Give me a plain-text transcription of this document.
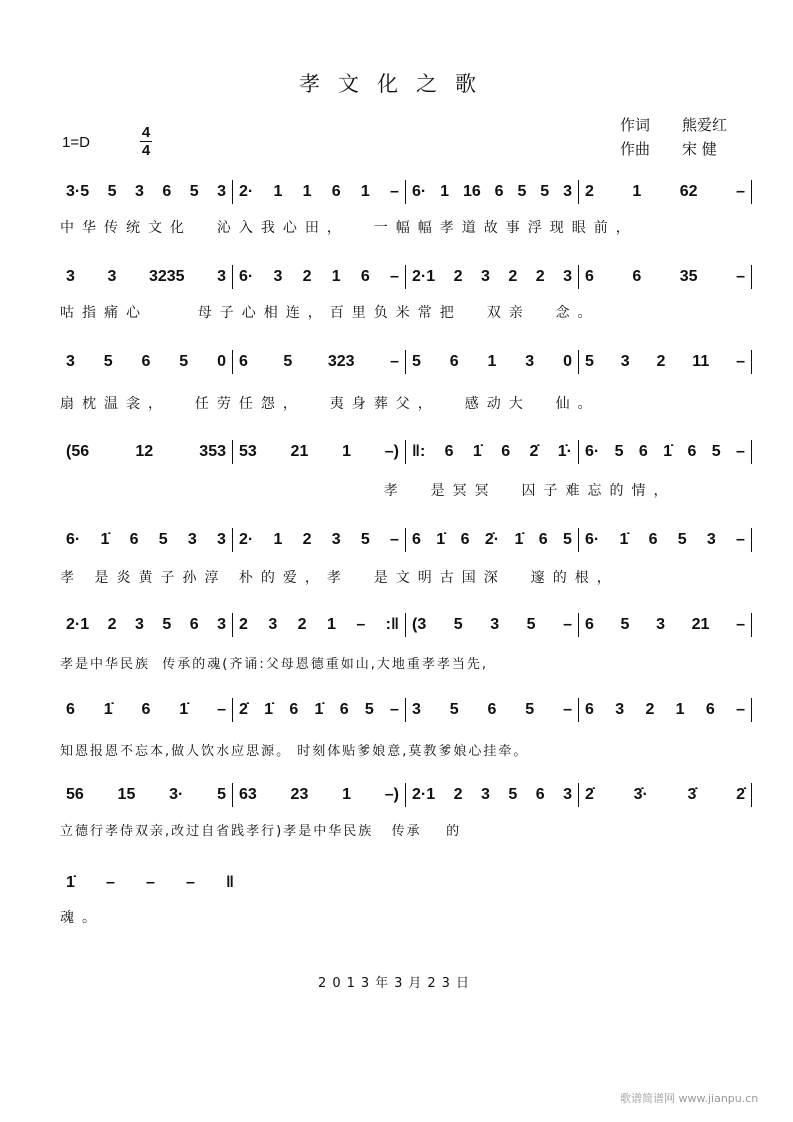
孝文化之歌
作词 熊爱红
作曲 宋 健
1=D
4
4
3·5 5 3 6 5 3 2· 1 1 6 1 – 6· 1 16 6 5 5 3 2 1 62 –
中华传统文化  沁入我心田，  一幅幅孝道故事浮现眼前，
3 3 3235 3 6· 3 2 1 6 – 2·1 2 3 2 2 3 6 6 35 –
咕指痛心    母子心相连，百里负米常把  双亲  念。
3 5 6 5 0 6 5 323 – 5 6 1 3 0 5 3 2 11 –
扇枕温衾，  任劳任怨，  夷身葬父，  感动大  仙。
(56	12	353 53 21 1 –) ‖: 6 1̇ 6 2̇ 1̇· 6· 5 6 1̇ 6 5 –
孝  是冥冥  囚子难忘的情，
6· 1̇ 6 5 3 3 2· 1 2 3 5 – 6 1̇ 6 2̇· 1̇ 6 5 6· 1̇ 6 5 3 –
孝 是炎黄子孙淳 朴的爱，孝  是文明古国深  邃的根，
2·1 2 3 5 6 3 2 3 2 1 – :‖ (3 5 3 5 – 6 5 3 21 –
孝是中华民族  传承的魂(齐诵:父母恩德重如山,大地重孝孝当先,
6 1̇ 6 1̇ – 2̇ 1̇ 6 1̇ 6 5 – 3 5 6 5 – 6 3 2 1 6 –
知恩报恩不忘本,做人饮水应思源。 时刻体贴爹娘意,莫教爹娘心挂牵。
56 15 3· 5 63 23 1 –) 2·1 2 3 5 6 3 2̇ 3̇· 3̇ 2̇
立德行孝侍双亲,改过自省践孝行)孝是中华民族   传承    的
1̇ – – – ‖
魂。
2013年3月23日
歌谱简谱网 www.jianpu.cn
